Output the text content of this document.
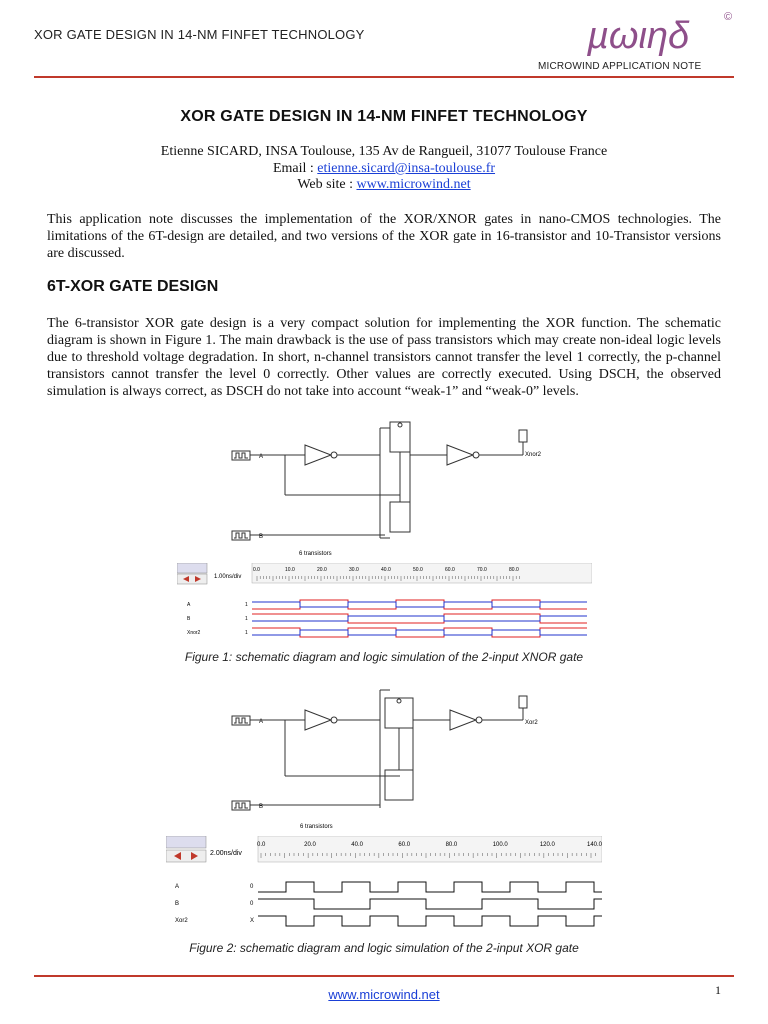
XOR GATE DESIGN IN 14-NM FINFET TECHNOLOGY	µωιηδ	©
MICROWIND APPLICATION NOTE
XOR GATE DESIGN IN 14-NM FINFET TECHNOLOGY
Etienne SICARD, INSA Toulouse, 135 Av de Rangueil, 31077 Toulouse France
Email : etienne.sicard@insa-toulouse.fr
Web site : www.microwind.net
This application note discusses the implementation of the XOR/XNOR gates in nano-CMOS technologies. The limitations of the 6T-design are detailed, and two versions of the XOR gate in 16-transistor and 10-Transistor versions are discussed.
6T-XOR GATE DESIGN
The 6-transistor XOR gate design is a very compact solution for implementing the XOR function. The schematic diagram is shown in Figure 1. The main drawback is the use of pass transistors which may create non-ideal logic levels due to threshold voltage degradation. In short, n-channel transistors cannot transfer the level 1 correctly, the p-channel transistors cannot transfer the level 0 correctly. Other values are correctly executed. Using DSCH, the observed simulation is always correct, as DSCH do not take into account “weak-1” and “weak-0” levels.
A
B
Xnor2
6 transistors
1.00ns/div
0.0	10.0	20.0	30.0	40.0	50.0	60.0	70.0	80.0
A
B
Xnor2
1
1
1
Figure 1: schematic diagram and logic simulation of the 2-input XNOR gate
A
B
Xor2
6 transistors
2.00ns/div
0.0	20.0	40.0	60.0	80.0	100.0	120.0	140.0
A
B
Xor2
0
0
X
Figure 2: schematic diagram and logic simulation of the 2-input XOR gate
www.microwind.net	1
